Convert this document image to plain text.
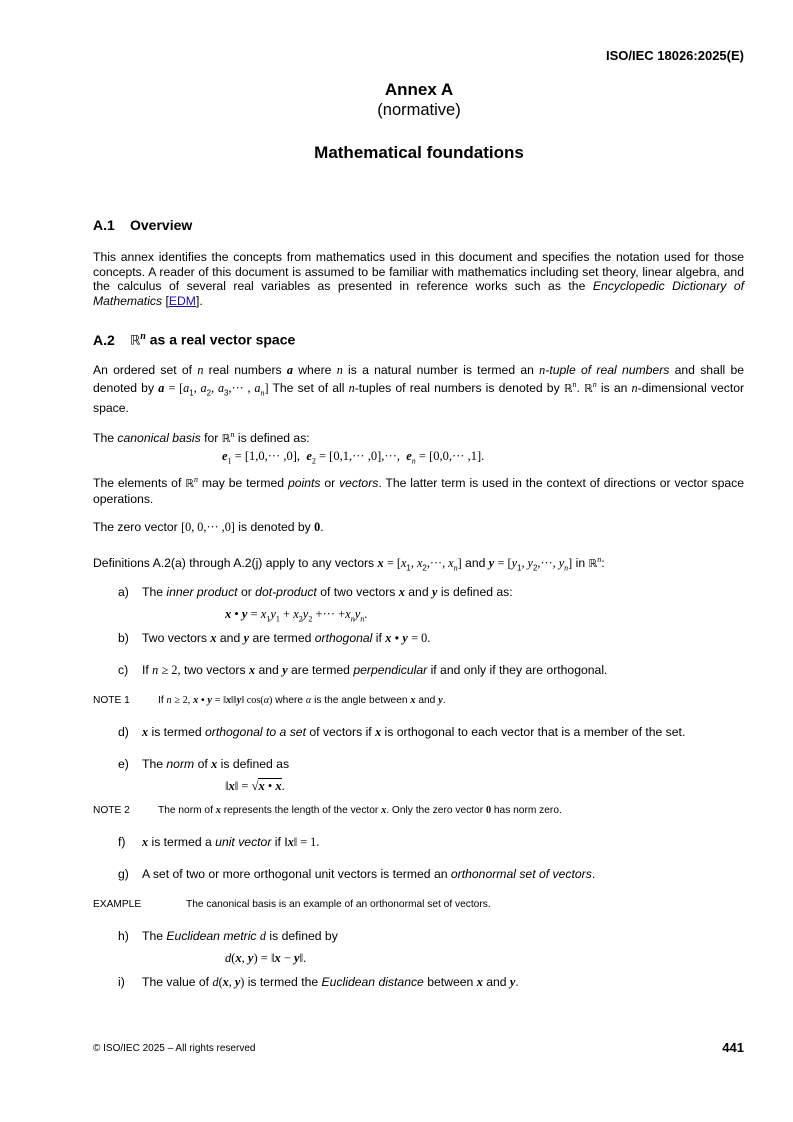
ISO/IEC 18026:2025(E)
Annex A
(normative)
Mathematical foundations
A.1 Overview
This annex identifies the concepts from mathematics used in this document and specifies the notation used for those concepts. A reader of this document is assumed to be familiar with mathematics including set theory, linear algebra, and the calculus of several real variables as presented in reference works such as the Encyclopedic Dictionary of Mathematics [EDM].
A.2 ℝ$^n$ as a real vector space
An ordered set of n real numbers a where n is a natural number is termed an n-tuple of real numbers and shall be denoted by $a = [a_1$, $a_2$, $a_3,\cdot\cdot\cdot$ , $a_n$] The set of all n-tuples of real numbers is denoted by ℝ$^n$. ℝ$^n$ is an n-dimensional vector space.
The canonical basis for ℝ$^n$ is defined as:
$e_1 = [1,0,\cdot\cdot\cdot ,0]$,  $e_2 = [0,1,\cdot\cdot\cdot ,0],\cdot\cdot\cdot$,  $e_n = [0,0,\cdot\cdot\cdot ,1]$.
The elements of ℝ$^n$ may be termed points or vectors. The latter term is used in the context of directions or vector space operations.
The zero vector [0, 0,··· ,0] is denoted by 0.
Definitions A.2(a) through A.2(j) apply to any vectors $x = [x_1$, $x_2,\cdot\cdot\cdot$, $x_n$] and $y = [y_1$, $y_2,\cdot\cdot\cdot$, $y_n$] in ℝ$^n$:
a) The inner product or dot-product of two vectors x and y is defined as:
x • $y = x_1y_1 + x_2y_2$ +··· $+x_ny_n$.
b) Two vectors x and y are termed orthogonal if x • y = 0.
c) If n ≥ 2, two vectors x and y are termed perpendicular if and only if they are orthogonal.
NOTE 1	If n ≥ 2, x • y = ‖x‖‖y‖ cos(α) where α is the angle between x and y.
d) x is termed orthogonal to a set of vectors if x is orthogonal to each vector that is a member of the set.
e) The norm of x is defined as
‖x‖ = √x • x.
NOTE 2	The norm of x represents the length of the vector x. Only the zero vector 0 has norm zero.
f) x is termed a unit vector if ‖x‖ = 1.
g) A set of two or more orthogonal unit vectors is termed an orthonormal set of vectors.
EXAMPLE	The canonical basis is an example of an orthonormal set of vectors.
h) The Euclidean metric d is defined by
d(x, y) = ‖x − y‖.
i) The value of d(x, y) is termed the Euclidean distance between x and y.
© ISO/IEC 2025 – All rights reserved	441
